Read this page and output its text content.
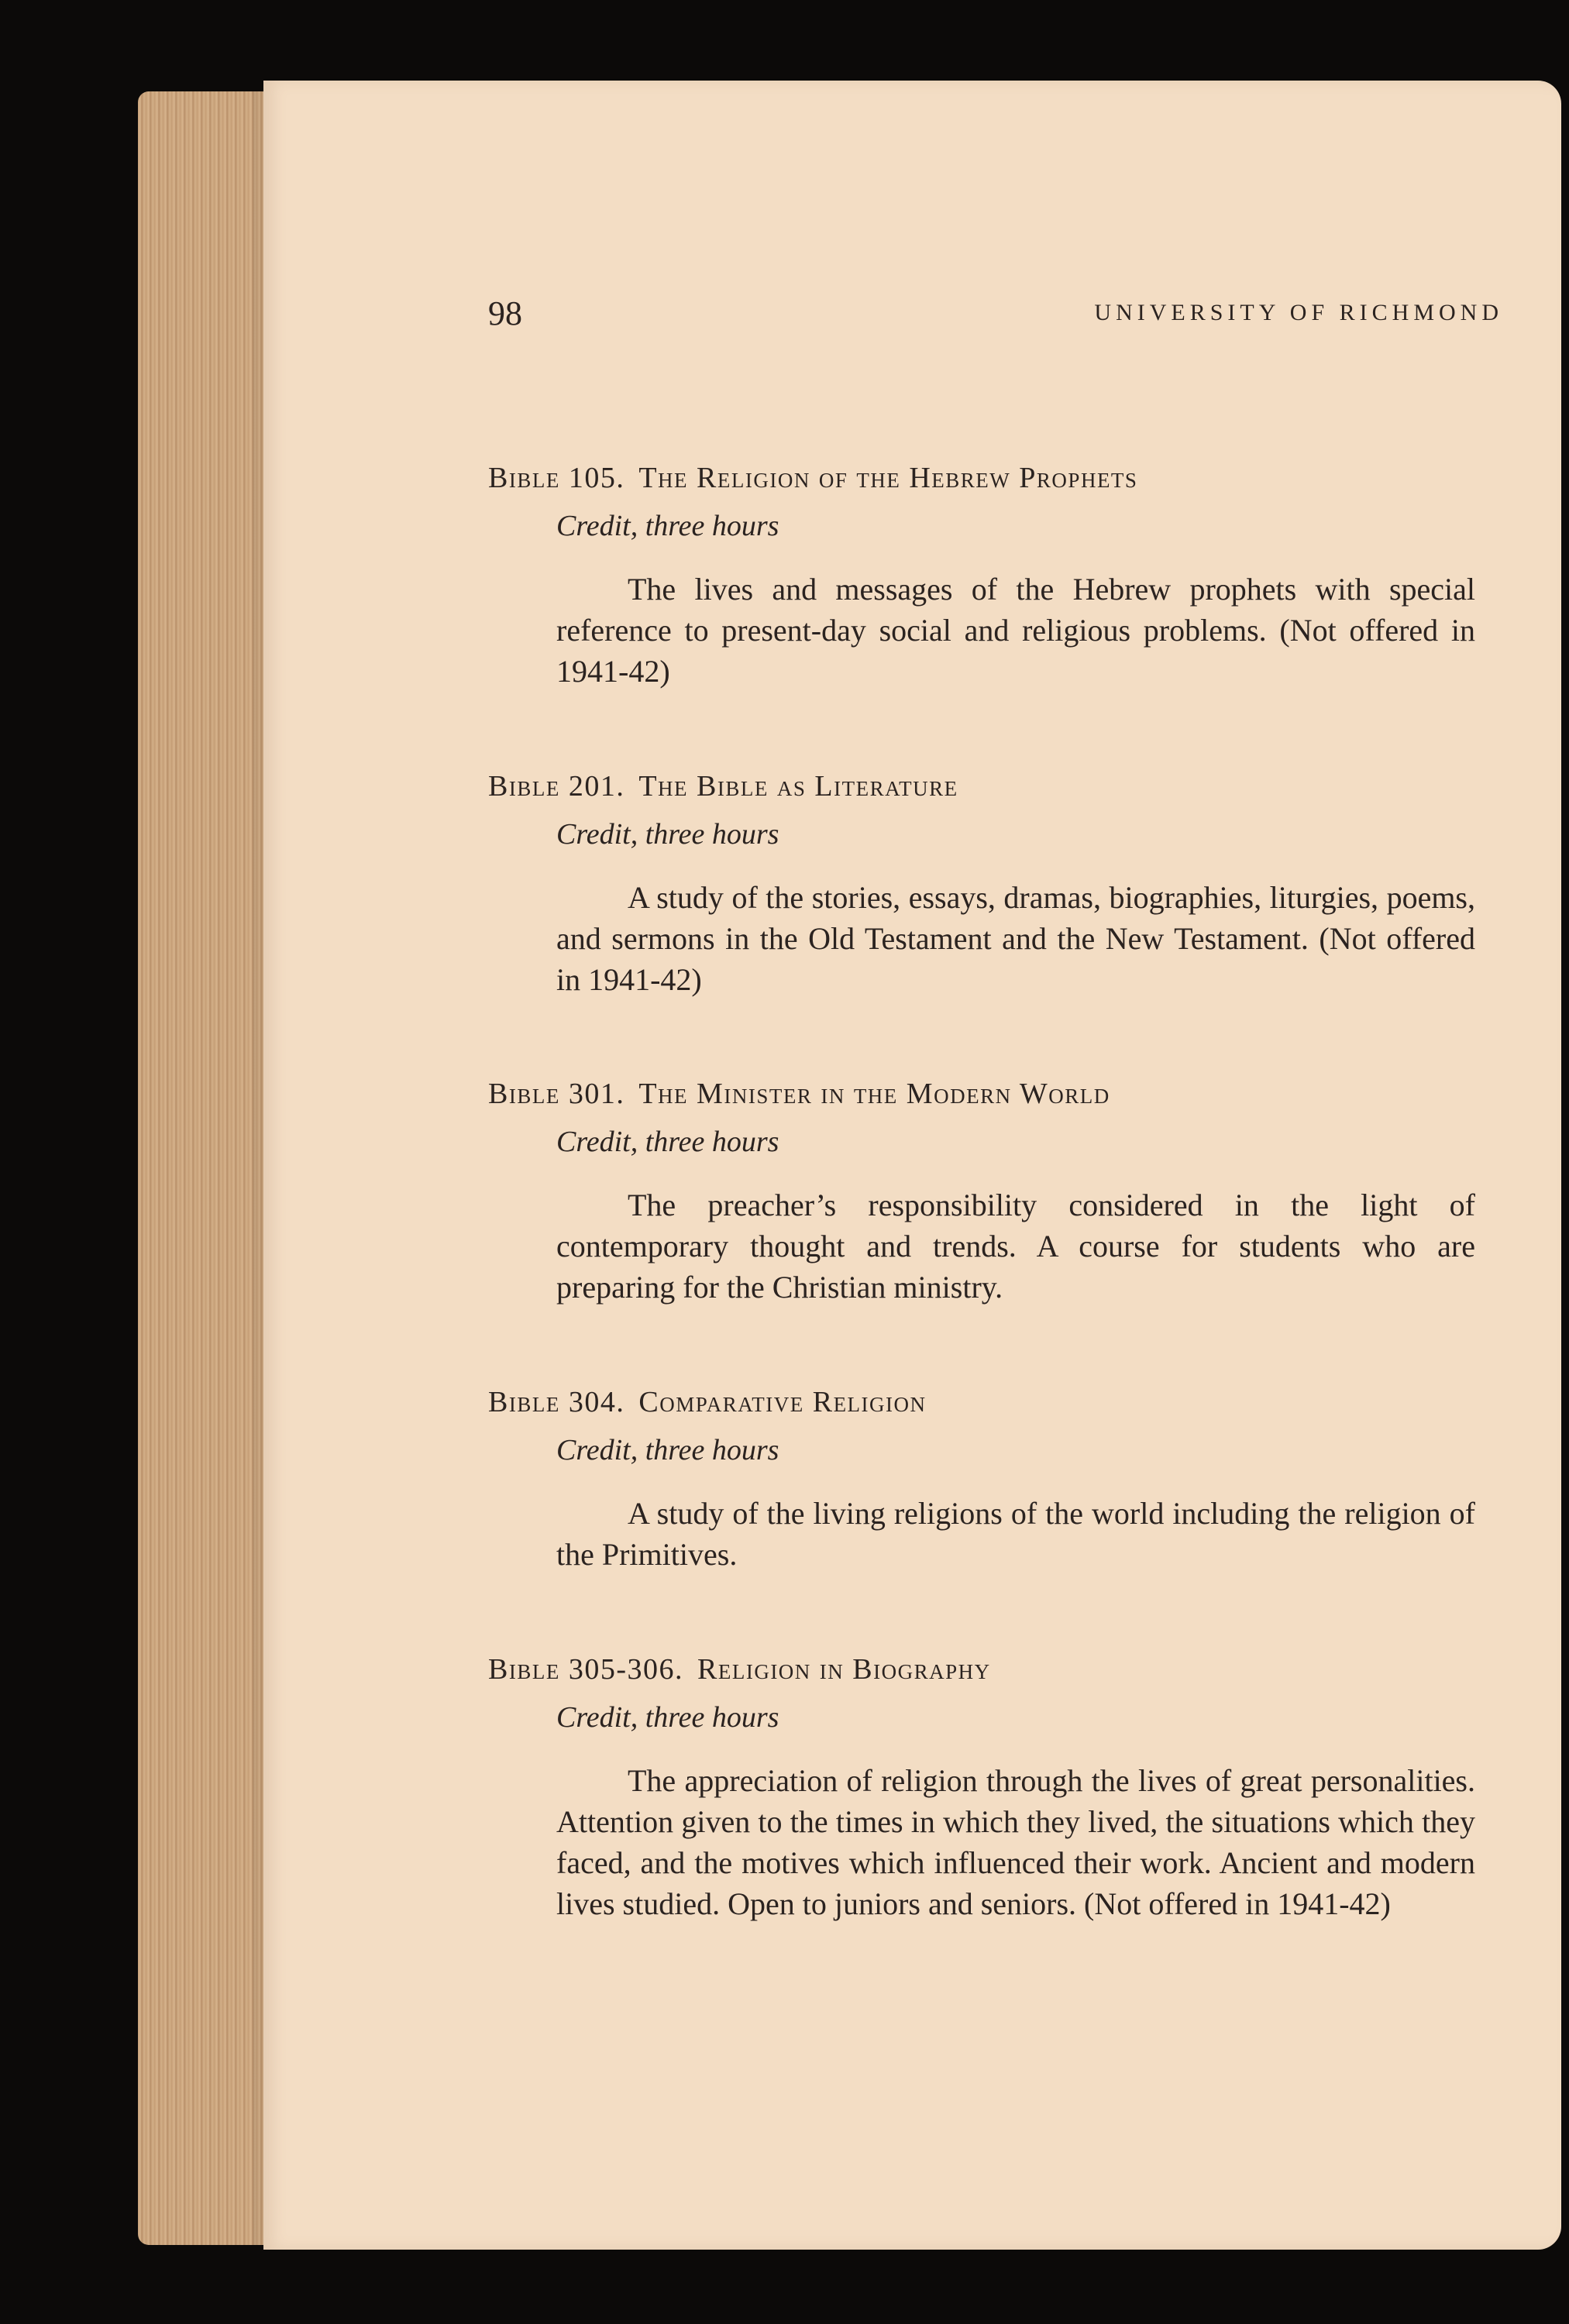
98	UNIVERSITY OF RICHMOND
Bible 105. The Religion of the Hebrew Prophets
Credit, three hours

The lives and messages of the Hebrew prophets with special reference to present-day social and religious problems. (Not offered in 1941-42)

Bible 201. The Bible as Literature
Credit, three hours

A study of the stories, essays, dramas, biographies, liturgies, poems, and sermons in the Old Testament and the New Testament. (Not offered in 1941-42)

Bible 301. The Minister in the Modern World
Credit, three hours

The preacher’s responsibility considered in the light of contemporary thought and trends. A course for students who are preparing for the Christian ministry.

Bible 304. Comparative Religion
Credit, three hours

A study of the living religions of the world including the religion of the Primitives.

Bible 305-306. Religion in Biography
Credit, three hours

The appreciation of religion through the lives of great personalities. Attention given to the times in which they lived, the situations which they faced, and the motives which influenced their work. Ancient and modern lives studied. Open to juniors and seniors. (Not offered in 1941-42)
